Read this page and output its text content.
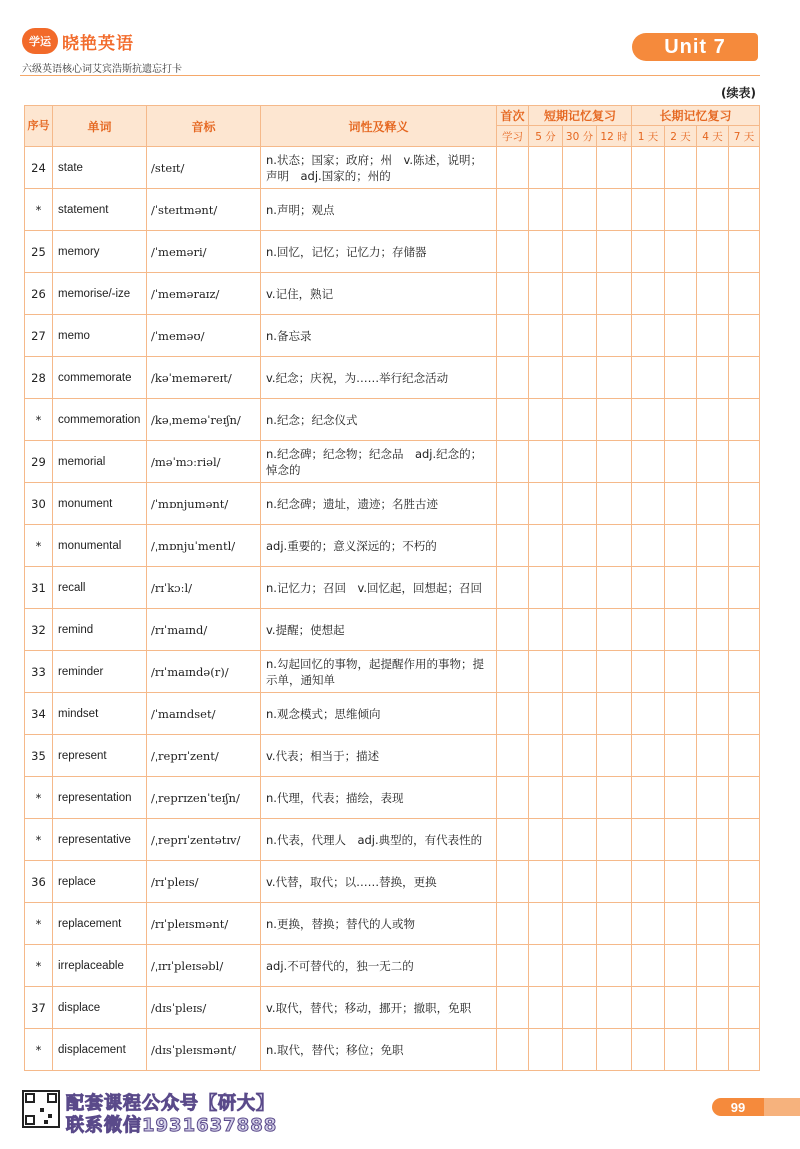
学运 晓艳英语
六级英语核心词艾宾浩斯抗遗忘打卡
Unit 7
(续表)
序号	单词	音标	词性及释义	首次	短期记忆复习			长期记忆复习			
				学习	5 分	30 分	12 时	1 天	2 天	4 天	7 天
24	state	/steɪt/	n.状态；国家；政府；州　v.陈述，说明；声明　adj.国家的；州的								
*	statement	/ˈsteɪtmənt/	n.声明；观点								
25	memory	/ˈmeməri/	n.回忆，记忆；记忆力；存储器								
26	memorise/-ize	/ˈmeməraɪz/	v.记住，熟记								
27	memo	/ˈmeməʊ/	n.备忘录								
28	commemorate	/kəˈmeməreɪt/	v.纪念；庆祝，为……举行纪念活动								
*	commemoration	/kəˌmeməˈreɪʃn/	n.纪念；纪念仪式								
29	memorial	/məˈmɔːriəl/	n.纪念碑；纪念物；纪念品　adj.纪念的；悼念的								
30	monument	/ˈmɒnjumənt/	n.纪念碑；遗址，遗迹；名胜古迹								
*	monumental	/ˌmɒnjuˈmentl/	adj.重要的；意义深远的；不朽的								
31	recall	/rɪˈkɔːl/	n.记忆力；召回　v.回忆起，回想起；召回								
32	remind	/rɪˈmaɪnd/	v.提醒；使想起								
33	reminder	/rɪˈmaɪndə(r)/	n.勾起回忆的事物，起提醒作用的事物；提示单，通知单								
34	mindset	/ˈmaɪndset/	n.观念模式；思维倾向								
35	represent	/ˌreprɪˈzent/	v.代表；相当于；描述								
*	representation	/ˌreprɪzenˈteɪʃn/	n.代理，代表；描绘，表现								
*	representative	/ˌreprɪˈzentətɪv/	n.代表，代理人　adj.典型的，有代表性的								
36	replace	/rɪˈpleɪs/	v.代替，取代；以……替换，更换								
*	replacement	/rɪˈpleɪsmənt/	n.更换，替换；替代的人或物								
*	irreplaceable	/ˌɪrɪˈpleɪsəbl/	adj.不可替代的，独一无二的								
37	displace	/dɪsˈpleɪs/	v.取代，替代；移动，挪开；撤职，免职								
*	displacement	/dɪsˈpleɪsmənt/	n.取代，替代；移位；免职								
配套课程公众号【研大】
联系微信1931637888
99
